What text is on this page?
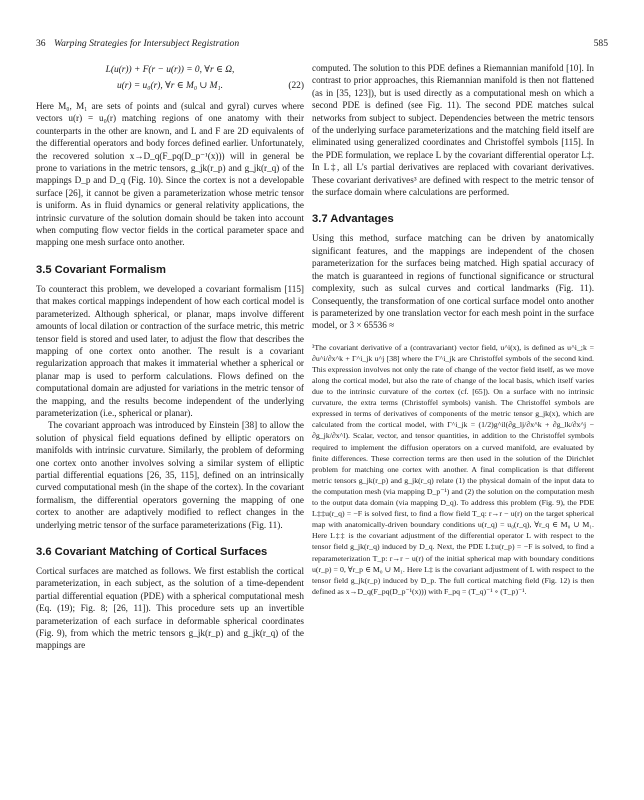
36 Warping Strategies for Intersubject Registration	585
L(u(r)) + F(r − u(r)) = 0, ∀r ∈ Ω,
u(r) = u₀(r), ∀r ∈ M₀ ∪ M₁.	(22)

Here M₀, M₁ are sets of points and (sulcal and gyral) curves where vectors u(r) = u₀(r) matching regions of one anatomy with their counterparts in the other are known, and L and F are 2D equivalents of the differential operators and body forces defined earlier. Unfortunately, the recovered solution x→D_q(F_pq(D_p⁻¹(x))) will in general be prone to variations in the metric tensors, g_jk(r_p) and g_jk(r_q) of the mappings D_p and D_q (Fig. 10). Since the cortex is not a developable surface [26], it cannot be given a parameterization whose metric tensor is uniform. As in fluid dynamics or general relativity applications, the intrinsic curvature of the solution domain should be taken into account when computing flow vector fields in the cortical parameter space and mapping one mesh surface onto another.

3.5 Covariant Formalism

To counteract this problem, we developed a covariant formalism [115] that makes cortical mappings independent of how each cortical model is parameterized. Although spherical, or planar, maps involve different amounts of local dilation or contraction of the surface metric, this metric tensor field is stored and used later, to adjust the flow that describes the mapping of one cortex onto another. The result is a covariant regularization approach that makes it immaterial whether a spherical or planar map is used to perform calculations. Flows defined on the computational domain are adjusted for variations in the metric tensor of the mapping, and the results become independent of the underlying parameterization (i.e., spherical or planar).

The covariant approach was introduced by Einstein [38] to allow the solution of physical field equations defined by elliptic operators on manifolds with intrinsic curvature. Similarly, the problem of deforming one cortex onto another involves solving a similar system of elliptic partial differential equations [26, 35, 115], defined on an intrinsically curved computational mesh (in the shape of the cortex). In the covariant formalism, the differential operators governing the mapping of one cortex to another are adaptively modified to reflect changes in the underlying metric tensor of the surface parameterizations (Fig. 11).

3.6 Covariant Matching of Cortical Surfaces

Cortical surfaces are matched as follows. We first establish the cortical parameterization, in each subject, as the solution of a time-dependent partial differential equation (PDE) with a spherical computational mesh (Eq. (19); Fig. 8; [26, 11]). This procedure sets up an invertible parameterization of each surface in deformable spherical coordinates (Fig. 9), from which the metric tensors g_jk(r_p) and g_jk(r_q) of the mappings are

computed. The solution to this PDE defines a Riemannian manifold [10]. In contrast to prior approaches, this Riemannian manifold is then not flattened (as in [35, 123]), but is used directly as a computational mesh on which a second PDE is defined (see Fig. 11). The second PDE matches sulcal networks from subject to subject. Dependencies between the metric tensors of the underlying surface parameterizations and the matching field itself are eliminated using generalized coordinates and Christoffel symbols [115]. In the PDE formulation, we replace L by the covariant differential operator L‡. In L‡, all L's partial derivatives are replaced with covariant derivatives. These covariant derivatives³ are defined with respect to the metric tensor of the surface domain where calculations are performed.

3.7 Advantages

Using this method, surface matching can be driven by anatomically significant features, and the mappings are independent of the chosen parameterization for the surfaces being matched. High spatial accuracy of the match is guaranteed in regions of functional significance or structural complexity, such as sulcal curves and cortical landmarks (Fig. 11). Consequently, the transformation of one cortical surface model onto another is parameterized by one translation vector for each mesh point in the surface model, or 3 × 65536 ≈

³The covariant derivative of a (contravariant) vector field, u^i(x), is defined as u^i_;k = ∂u^i/∂x^k + Γ^i_jk u^j [38] where the Γ^i_jk are Christoffel symbols of the second kind. This expression involves not only the rate of change of the vector field itself, as we move along the cortical model, but also the rate of change of the local basis, which itself varies due to the intrinsic curvature of the cortex (cf. [65]). On a surface with no intrinsic curvature, the extra terms (Christoffel symbols) vanish. The Christoffel symbols are expressed in terms of derivatives of components of the metric tensor g_jk(x), which are calculated from the cortical model, with Γ^i_jk = (1/2)g^il(∂g_lj/∂x^k + ∂g_lk/∂x^j − ∂g_jk/∂x^l). Scalar, vector, and tensor quantities, in addition to the Christoffel symbols required to implement the diffusion operators on a curved manifold, are evaluated by finite differences. These correction terms are then used in the solution of the Dirichlet problem for matching one cortex with another. A final complication is that different metric tensors g_jk(r_p) and g_jk(r_q) relate (1) the physical domain of the input data to the computation mesh (via mapping D_p⁻¹) and (2) the solution on the computation mesh to the output data domain (via mapping D_q). To address this problem (Fig. 9), the PDE L‡‡u(r_q) = −F is solved first, to find a flow field T_q: r→r − u(r) on the target spherical map with anatomically-driven boundary conditions u(r_q) = u₀(r_q), ∀r_q ∈ M₀ ∪ M₁. Here L‡‡ is the covariant adjustment of the differential operator L with respect to the tensor field g_jk(r_q) induced by D_q. Next, the PDE L‡u(r_p) = −F is solved, to find a reparameterization T_p: r→r − u(r) of the initial spherical map with boundary conditions u(r_p) = 0, ∀r_p ∈ M₀ ∪ M₁. Here L‡ is the covariant adjustment of L with respect to the tensor field g_jk(r_p) induced by D_p. The full cortical matching field (Fig. 12) is then defined as x→D_q(F_pq(D_p⁻¹(x))) with F_pq = (T_q)⁻¹ ∘ (T_p)⁻¹.
